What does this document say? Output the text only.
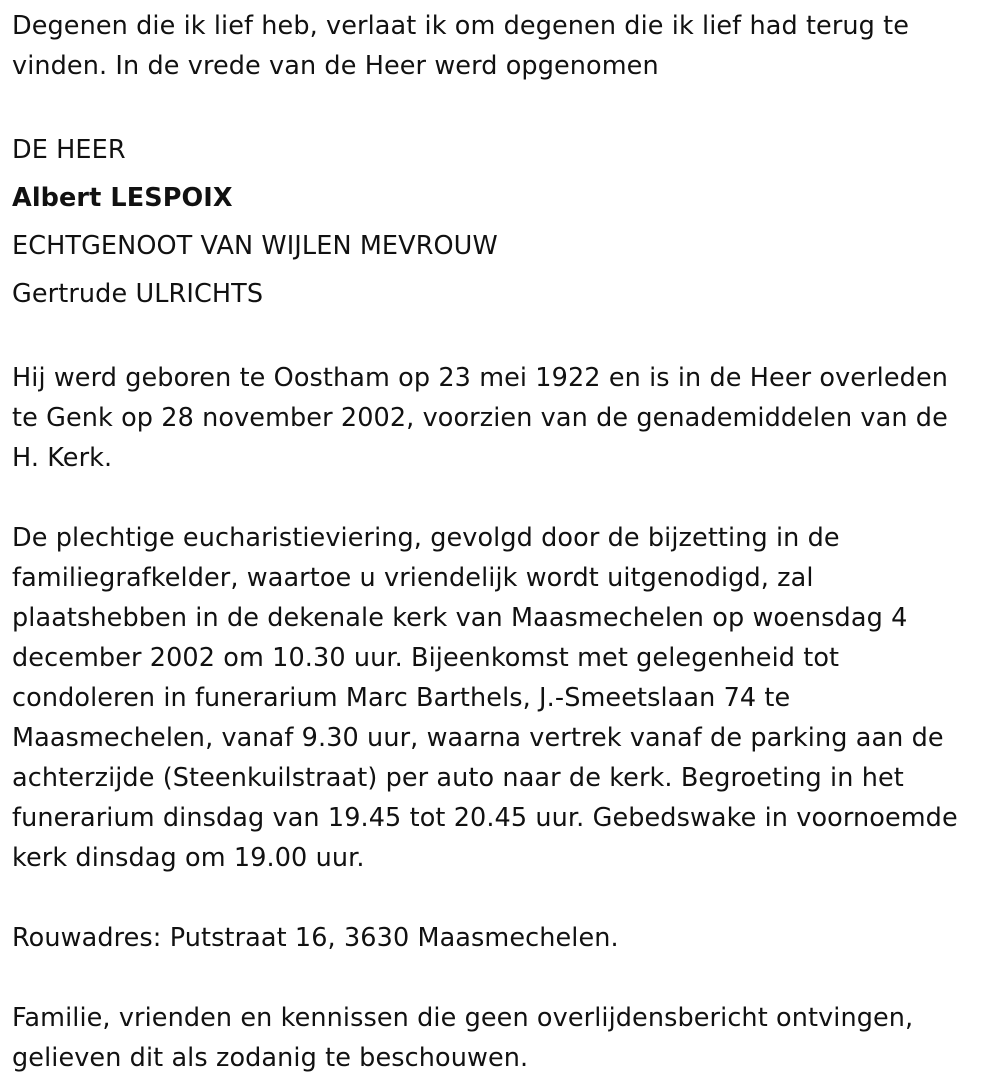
Degenen die ik lief heb, verlaat ik om degenen die ik lief had terug te

vinden. In de vrede van de Heer werd opgenomen

DE HEER

Albert LESPOIX

ECHTGENOOT VAN WIJLEN MEVROUW

Gertrude ULRICHTS

Hij werd geboren te Oostham op 23 mei 1922 en is in de Heer overleden

te Genk op 28 november 2002, voorzien van de genademiddelen van de

H. Kerk.

De plechtige eucharistieviering, gevolgd door de bijzetting in de

familiegrafkelder, waartoe u vriendelijk wordt uitgenodigd, zal

plaatshebben in de dekenale kerk van Maasmechelen op woensdag 4

december 2002 om 10.30 uur. Bijeenkomst met gelegenheid tot

condoleren in funerarium Marc Barthels, J.-Smeetslaan 74 te

Maasmechelen, vanaf 9.30 uur, waarna vertrek vanaf de parking aan de

achterzijde (Steenkuilstraat) per auto naar de kerk. Begroeting in het

funerarium dinsdag van 19.45 tot 20.45 uur. Gebedswake in voornoemde

kerk dinsdag om 19.00 uur.

Rouwadres: Putstraat 16, 3630 Maasmechelen.

Familie, vrienden en kennissen die geen overlijdensbericht ontvingen,

gelieven dit als zodanig te beschouwen.
